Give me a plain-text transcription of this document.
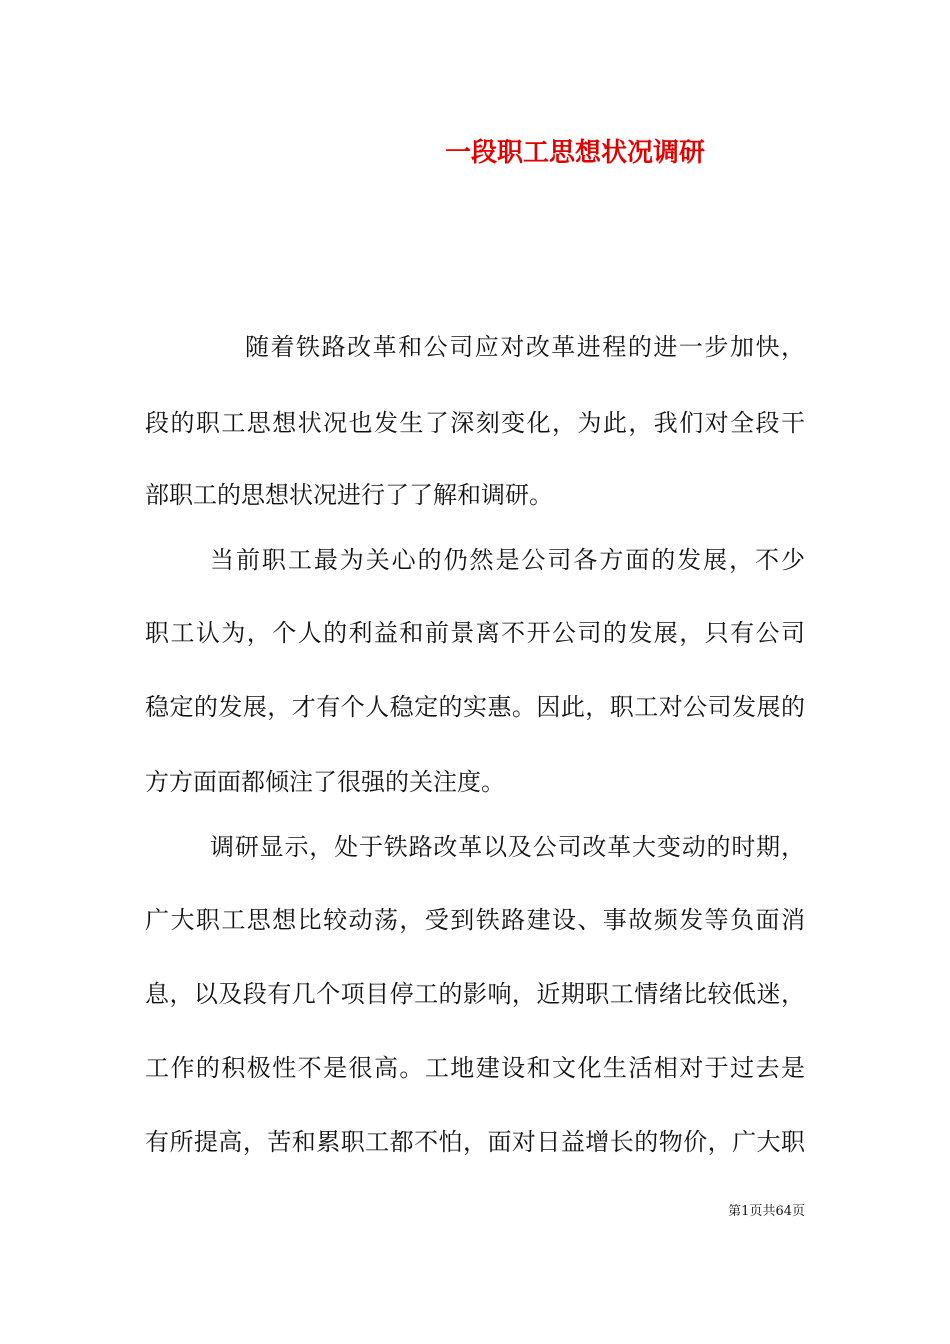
一段职工思想状况调研
随着铁路改革和公司应对改革进程的进一步加快，
段的职工思想状况也发生了深刻变化，为此，我们对全段干
部职工的思想状况进行了了解和调研。
当前职工最为关心的仍然是公司各方面的发展，不少
职工认为，个人的利益和前景离不开公司的发展，只有公司
稳定的发展，才有个人稳定的实惠。因此，职工对公司发展的
方方面面都倾注了很强的关注度。
调研显示，处于铁路改革以及公司改革大变动的时期，
广大职工思想比较动荡，受到铁路建设、事故频发等负面消
息，以及段有几个项目停工的影响，近期职工情绪比较低迷，
工作的积极性不是很高。工地建设和文化生活相对于过去是
有所提高，苦和累职工都不怕，面对日益增长的物价，广大职
第1页共64页
